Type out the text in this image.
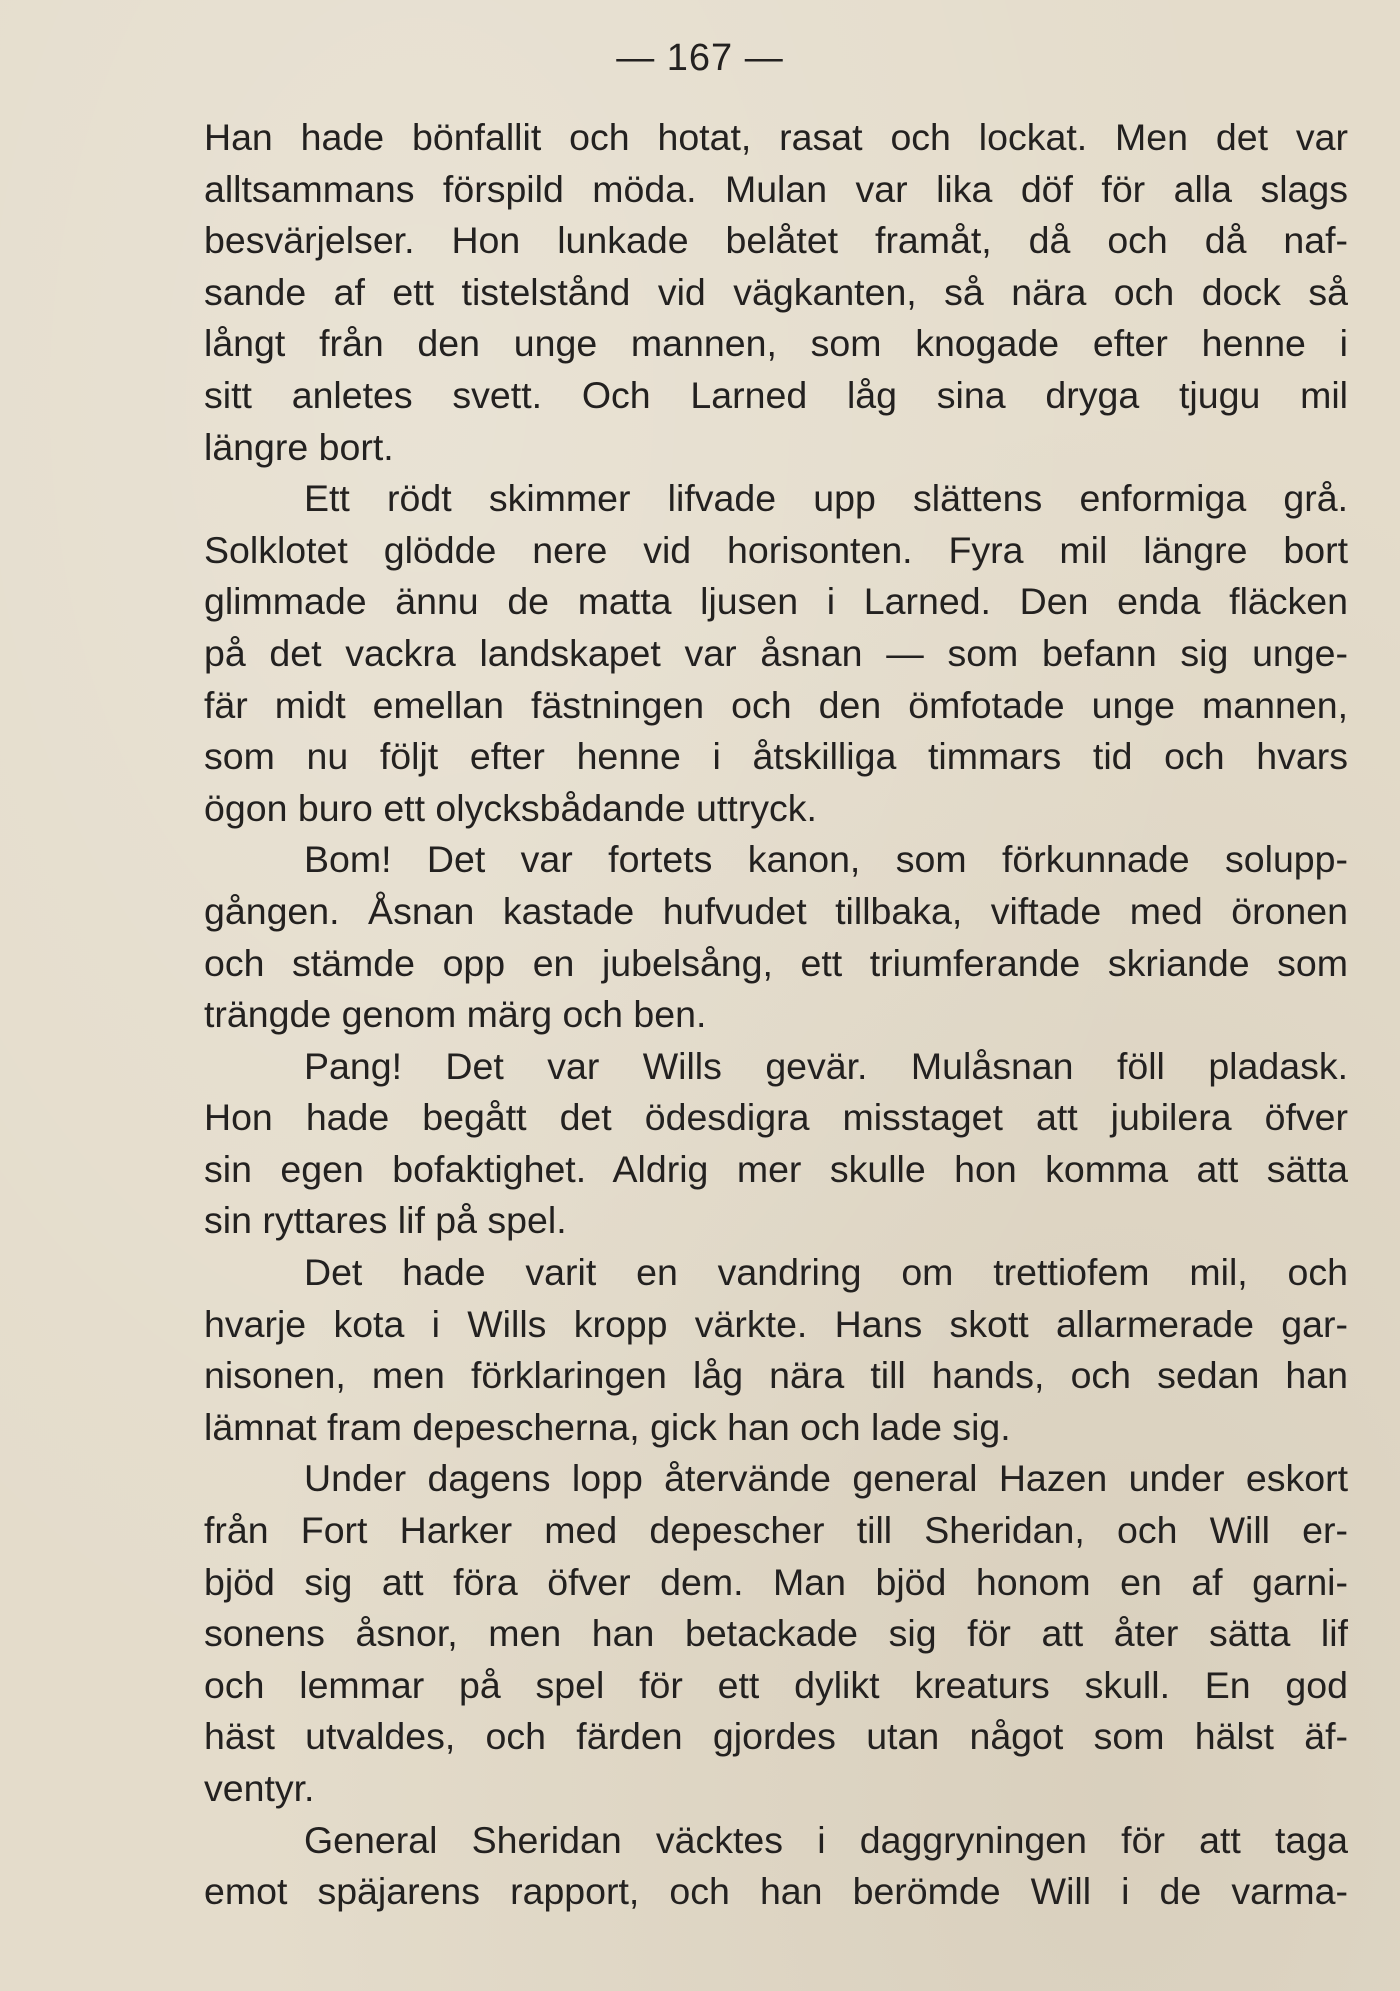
— 167 —
Han hade bönfallit och hotat, rasat och lockat. Men det var
alltsammans förspild möda. Mulan var lika döf för alla slags
besvärjelser. Hon lunkade belåtet framåt, då och då naf-
sande af ett tistelstånd vid vägkanten, så nära och dock så
långt från den unge mannen, som knogade efter henne i
sitt anletes svett. Och Larned låg sina dryga tjugu mil
längre bort.
Ett rödt skimmer lifvade upp slättens enformiga grå.
Solklotet glödde nere vid horisonten. Fyra mil längre bort
glimmade ännu de matta ljusen i Larned. Den enda fläcken
på det vackra landskapet var åsnan — som befann sig unge-
fär midt emellan fästningen och den ömfotade unge mannen,
som nu följt efter henne i åtskilliga timmars tid och hvars
ögon buro ett olycksbådande uttryck.
Bom! Det var fortets kanon, som förkunnade solupp-
gången. Åsnan kastade hufvudet tillbaka, viftade med öronen
och stämde opp en jubelsång, ett triumferande skriande som
trängde genom märg och ben.
Pang! Det var Wills gevär. Mulåsnan föll pladask.
Hon hade begått det ödesdigra misstaget att jubilera öfver
sin egen bofaktighet. Aldrig mer skulle hon komma att sätta
sin ryttares lif på spel.
Det hade varit en vandring om trettiofem mil, och
hvarje kota i Wills kropp värkte. Hans skott allarmerade gar-
nisonen, men förklaringen låg nära till hands, och sedan han
lämnat fram depescherna, gick han och lade sig.
Under dagens lopp återvände general Hazen under eskort
från Fort Harker med depescher till Sheridan, och Will er-
bjöd sig att föra öfver dem. Man bjöd honom en af garni-
sonens åsnor, men han betackade sig för att åter sätta lif
och lemmar på spel för ett dylikt kreaturs skull. En god
häst utvaldes, och färden gjordes utan något som hälst äf-
ventyr.
General Sheridan väcktes i daggryningen för att taga
emot späjarens rapport, och han berömde Will i de varma-
